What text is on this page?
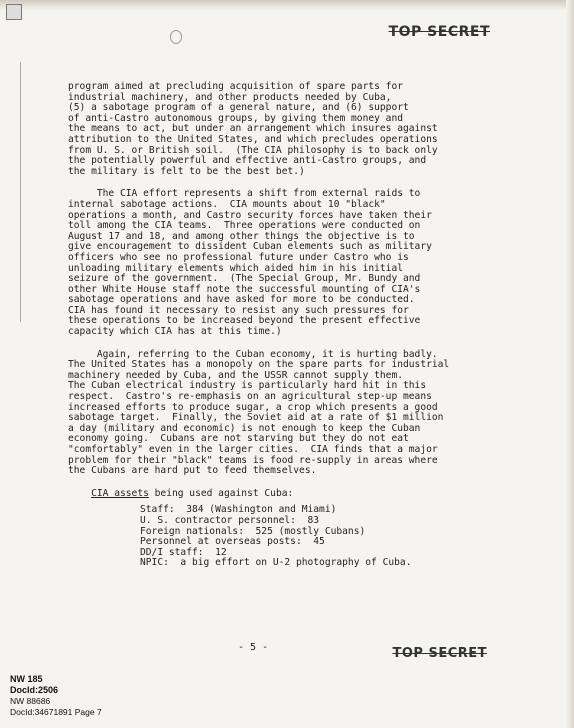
TOP SECRET
program aimed at precluding acquisition of spare parts for
industrial machinery, and other products needed by Cuba,
(5) a sabotage program of a general nature, and (6) support
of anti-Castro autonomous groups, by giving them money and
the means to act, but under an arrangement which insures against
attribution to the United States, and which precludes operations
from U. S. or British soil.  (The CIA philosophy is to back only
the potentially powerful and effective anti-Castro groups, and
the military is felt to be the best bet.)
The CIA effort represents a shift from external raids to
internal sabotage actions.  CIA mounts about 10 "black"
operations a month, and Castro security forces have taken their
toll among the CIA teams.  Three operations were conducted on
August 17 and 18, and among other things the objective is to
give encouragement to dissident Cuban elements such as military
officers who see no professional future under Castro who is
unloading military elements which aided him in his initial
seizure of the government.  (The Special Group, Mr. Bundy and
other White House staff note the successful mounting of CIA's
sabotage operations and have asked for more to be conducted.
CIA has found it necessary to resist any such pressures for
these operations to be increased beyond the present effective
capacity which CIA has at this time.)
Again, referring to the Cuban economy, it is hurting badly.
The United States has a monopoly on the spare parts for industrial
machinery needed by Cuba, and the USSR cannot supply them.
The Cuban electrical industry is particularly hard hit in this
respect.  Castro's re-emphasis on an agricultural step-up means
increased efforts to produce sugar, a crop which presents a good
sabotage target.  Finally, the Soviet aid at a rate of $1 million
a day (military and economic) is not enough to keep the Cuban
economy going.  Cubans are not starving but they do not eat
"comfortably" even in the larger cities.  CIA finds that a major
problem for their "black" teams is food re-supply in areas where
the Cubans are hard put to feed themselves.
CIA assets being used against Cuba:
Staff:  384 (Washington and Miami)
U. S. contractor personnel:  83
Foreign nationals:  525 (mostly Cubans)
Personnel at overseas posts:  45
DD/I staff:  12
NPIC:  a big effort on U-2 photography of Cuba.
- 5 -	TOP SECRET
NW 185
DocId:2506
NW 88686
DocId:34671891 Page 7
